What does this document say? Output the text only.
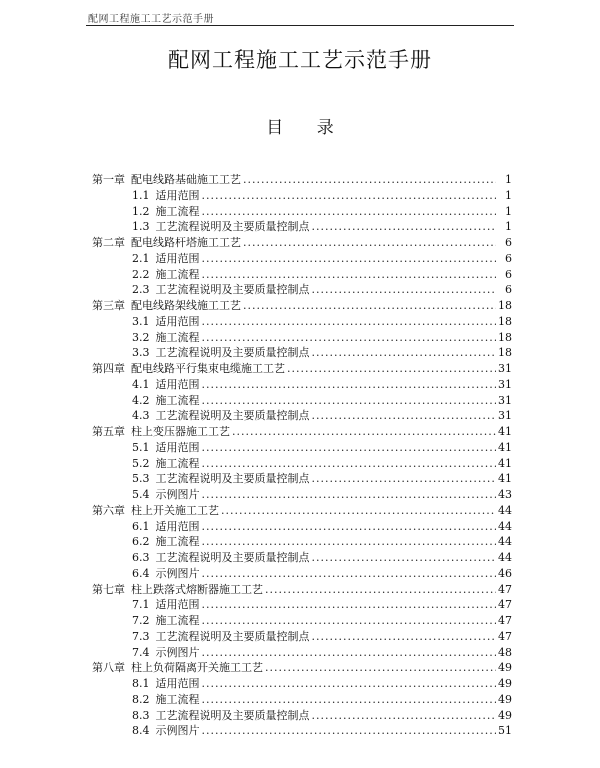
配网工程施工工艺示范手册
配网工程施工工艺示范手册
目 录
第一章 配电线路基础施工工艺 .....	1
1.1 适用范围 .....	1
1.2 施工流程 .....	1
1.3 工艺流程说明及主要质量控制点 .....	1
第二章 配电线路杆塔施工工艺 .....	6
2.1 适用范围 .....	6
2.2 施工流程 .....	6
2.3 工艺流程说明及主要质量控制点 .....	6
第三章 配电线路架线施工工艺 .....	18
3.1 适用范围 .....	18
3.2 施工流程 .....	18
3.3 工艺流程说明及主要质量控制点 .....	18
第四章 配电线路平行集束电缆施工工艺 .....	31
4.1 适用范围 .....	31
4.2 施工流程 .....	31
4.3 工艺流程说明及主要质量控制点 .....	31
第五章 柱上变压器施工工艺 .....	41
5.1 适用范围 .....	41
5.2 施工流程 .....	41
5.3 工艺流程说明及主要质量控制点 .....	41
5.4 示例图片 .....	43
第六章 柱上开关施工工艺 .....	44
6.1 适用范围 .....	44
6.2 施工流程 .....	44
6.3 工艺流程说明及主要质量控制点 .....	44
6.4 示例图片 .....	46
第七章 柱上跌落式熔断器施工工艺 .....	47
7.1 适用范围 .....	47
7.2 施工流程 .....	47
7.3 工艺流程说明及主要质量控制点 .....	47
7.4 示例图片 .....	48
第八章 柱上负荷隔离开关施工工艺 .....	49
8.1 适用范围 .....	49
8.2 施工流程 .....	49
8.3 工艺流程说明及主要质量控制点 .....	49
8.4 示例图片 .....	51
